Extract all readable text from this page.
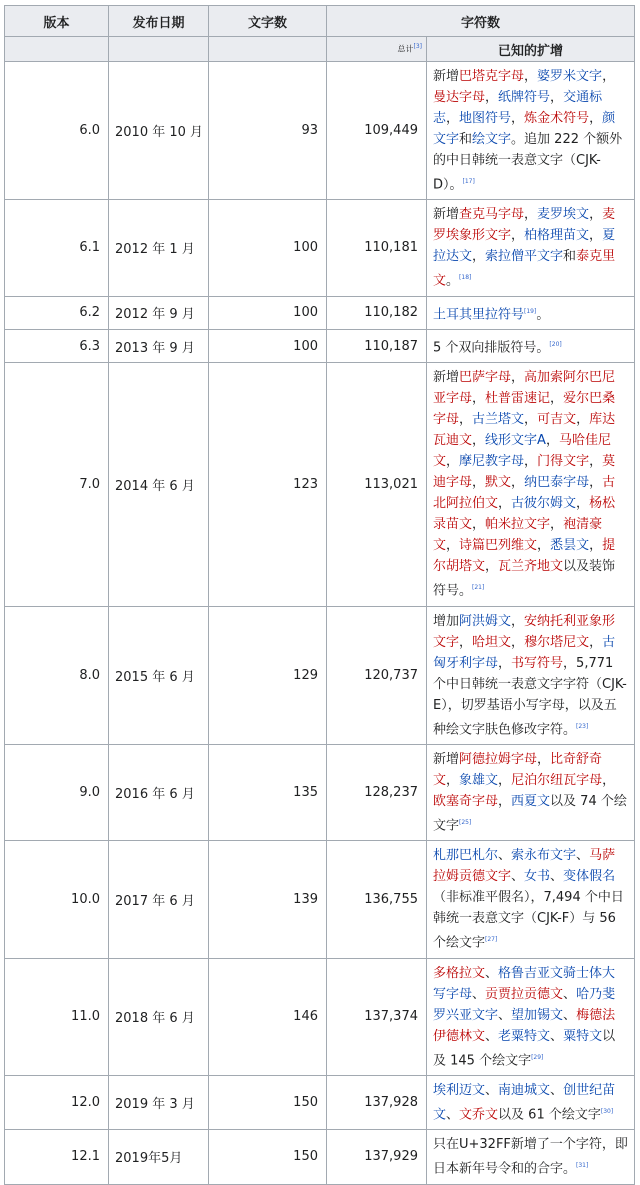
版本	发布日期	文字数	字符数	
			总计[3]	已知的扩增
6.0	2010 年 10 月	93	109,449	新增巴塔克字母，婆罗米文字，曼达字母，纸牌符号，交通标志，地图符号，炼金术符号，颜文字和绘文字。追加 222 个额外的中日韩统一表意文字（CJK-D）。[17]
6.1	2012 年 1 月	100	110,181	新增查克马字母，麦罗埃文，麦罗埃象形文字，柏格理苗文，夏拉达文，索拉僧平文字和泰克里文。[18]
6.2	2012 年 9 月	100	110,182	土耳其里拉符号[19]。
6.3	2013 年 9 月	100	110,187	5 个双向排版符号。[20]
7.0	2014 年 6 月	123	113,021	新增巴萨字母，高加索阿尔巴尼亚字母，杜普雷速记，爱尔巴桑字母，古兰塔文，可吉文，库达瓦迪文，线形文字A，马哈佳尼文，摩尼教字母，门得文字，莫迪字母，默文，纳巴泰字母，古北阿拉伯文，古彼尔姆文，杨松录苗文，帕米拉文字，袍清豪文，诗篇巴列维文，悉昙文，提尔胡塔文，瓦兰齐地文以及装饰符号。[21]
8.0	2015 年 6 月	129	120,737	增加阿洪姆文，安纳托利亚象形文字，哈坦文，穆尔塔尼文，古匈牙利字母，书写符号，5,771 个中日韩统一表意文字字符（CJK-E），切罗基语小写字母，以及五种绘文字肤色修改字符。[23]
9.0	2016 年 6 月	135	128,237	新增阿德拉姆字母，比奇舒奇文，象雄文，尼泊尔纽瓦字母，欧塞奇字母，西夏文以及 74 个绘文字[25]
10.0	2017 年 6 月	139	136,755	札那巴札尔、索永布文字、马萨拉姆贡德文字、女书、变体假名（非标准平假名），7,494 个中日韩统一表意文字（CJK-F）与 56 个绘文字[27]
11.0	2018 年 6 月	146	137,374	多格拉文、格鲁吉亚文骑士体大写字母、贡贾拉贡德文、哈乃斐罗兴亚文字、望加锡文、梅德法伊德林文、老粟特文、粟特文以及 145 个绘文字[29]
12.0	2019 年 3 月	150	137,928	埃利迈文、南迪城文、创世纪苗文、文乔文以及 61 个绘文字[30]
12.1	2019年5月	150	137,929	只在U+32FF新增了一个字符，即日本新年号令和的合字。[31]
